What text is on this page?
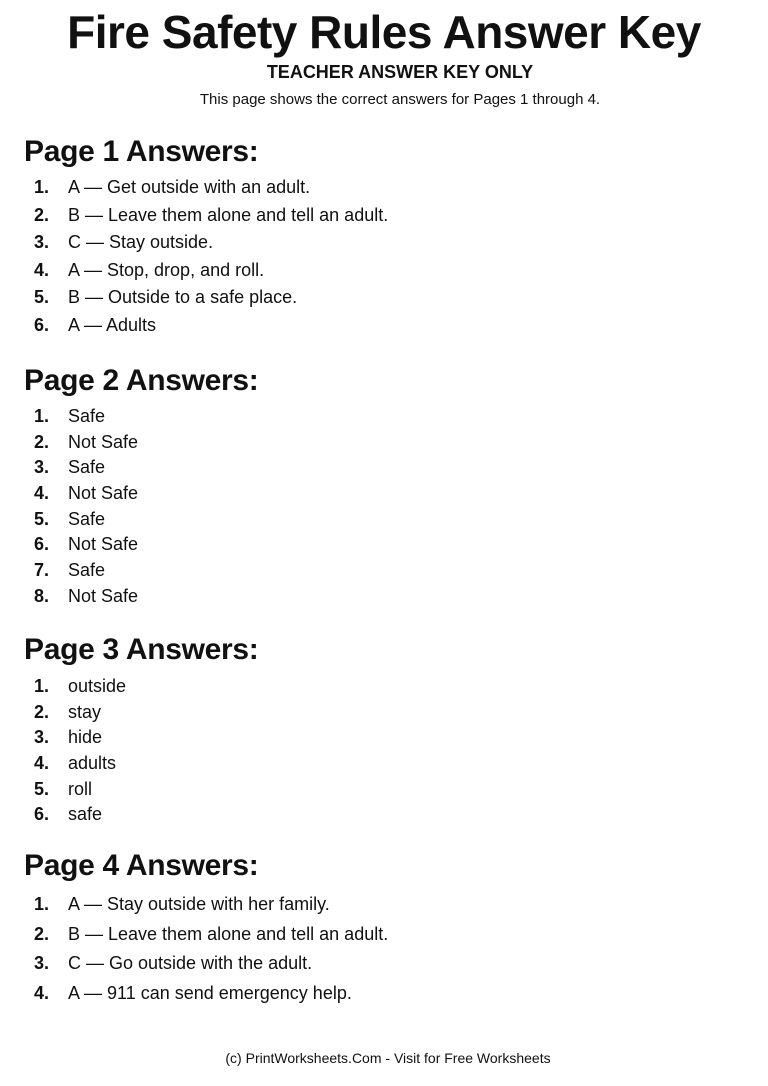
Fire Safety Rules Answer Key
TEACHER ANSWER KEY ONLY
This page shows the correct answers for Pages 1 through 4.
Page 1 Answers:
1. A — Get outside with an adult.
2. B — Leave them alone and tell an adult.
3. C — Stay outside.
4. A — Stop, drop, and roll.
5. B — Outside to a safe place.
6. A — Adults
Page 2 Answers:
1. Safe
2. Not Safe
3. Safe
4. Not Safe
5. Safe
6. Not Safe
7. Safe
8. Not Safe
Page 3 Answers:
1. outside
2. stay
3. hide
4. adults
5. roll
6. safe
Page 4 Answers:
1. A — Stay outside with her family.
2. B — Leave them alone and tell an adult.
3. C — Go outside with the adult.
4. A — 911 can send emergency help.
(c) PrintWorksheets.Com - Visit for Free Worksheets
